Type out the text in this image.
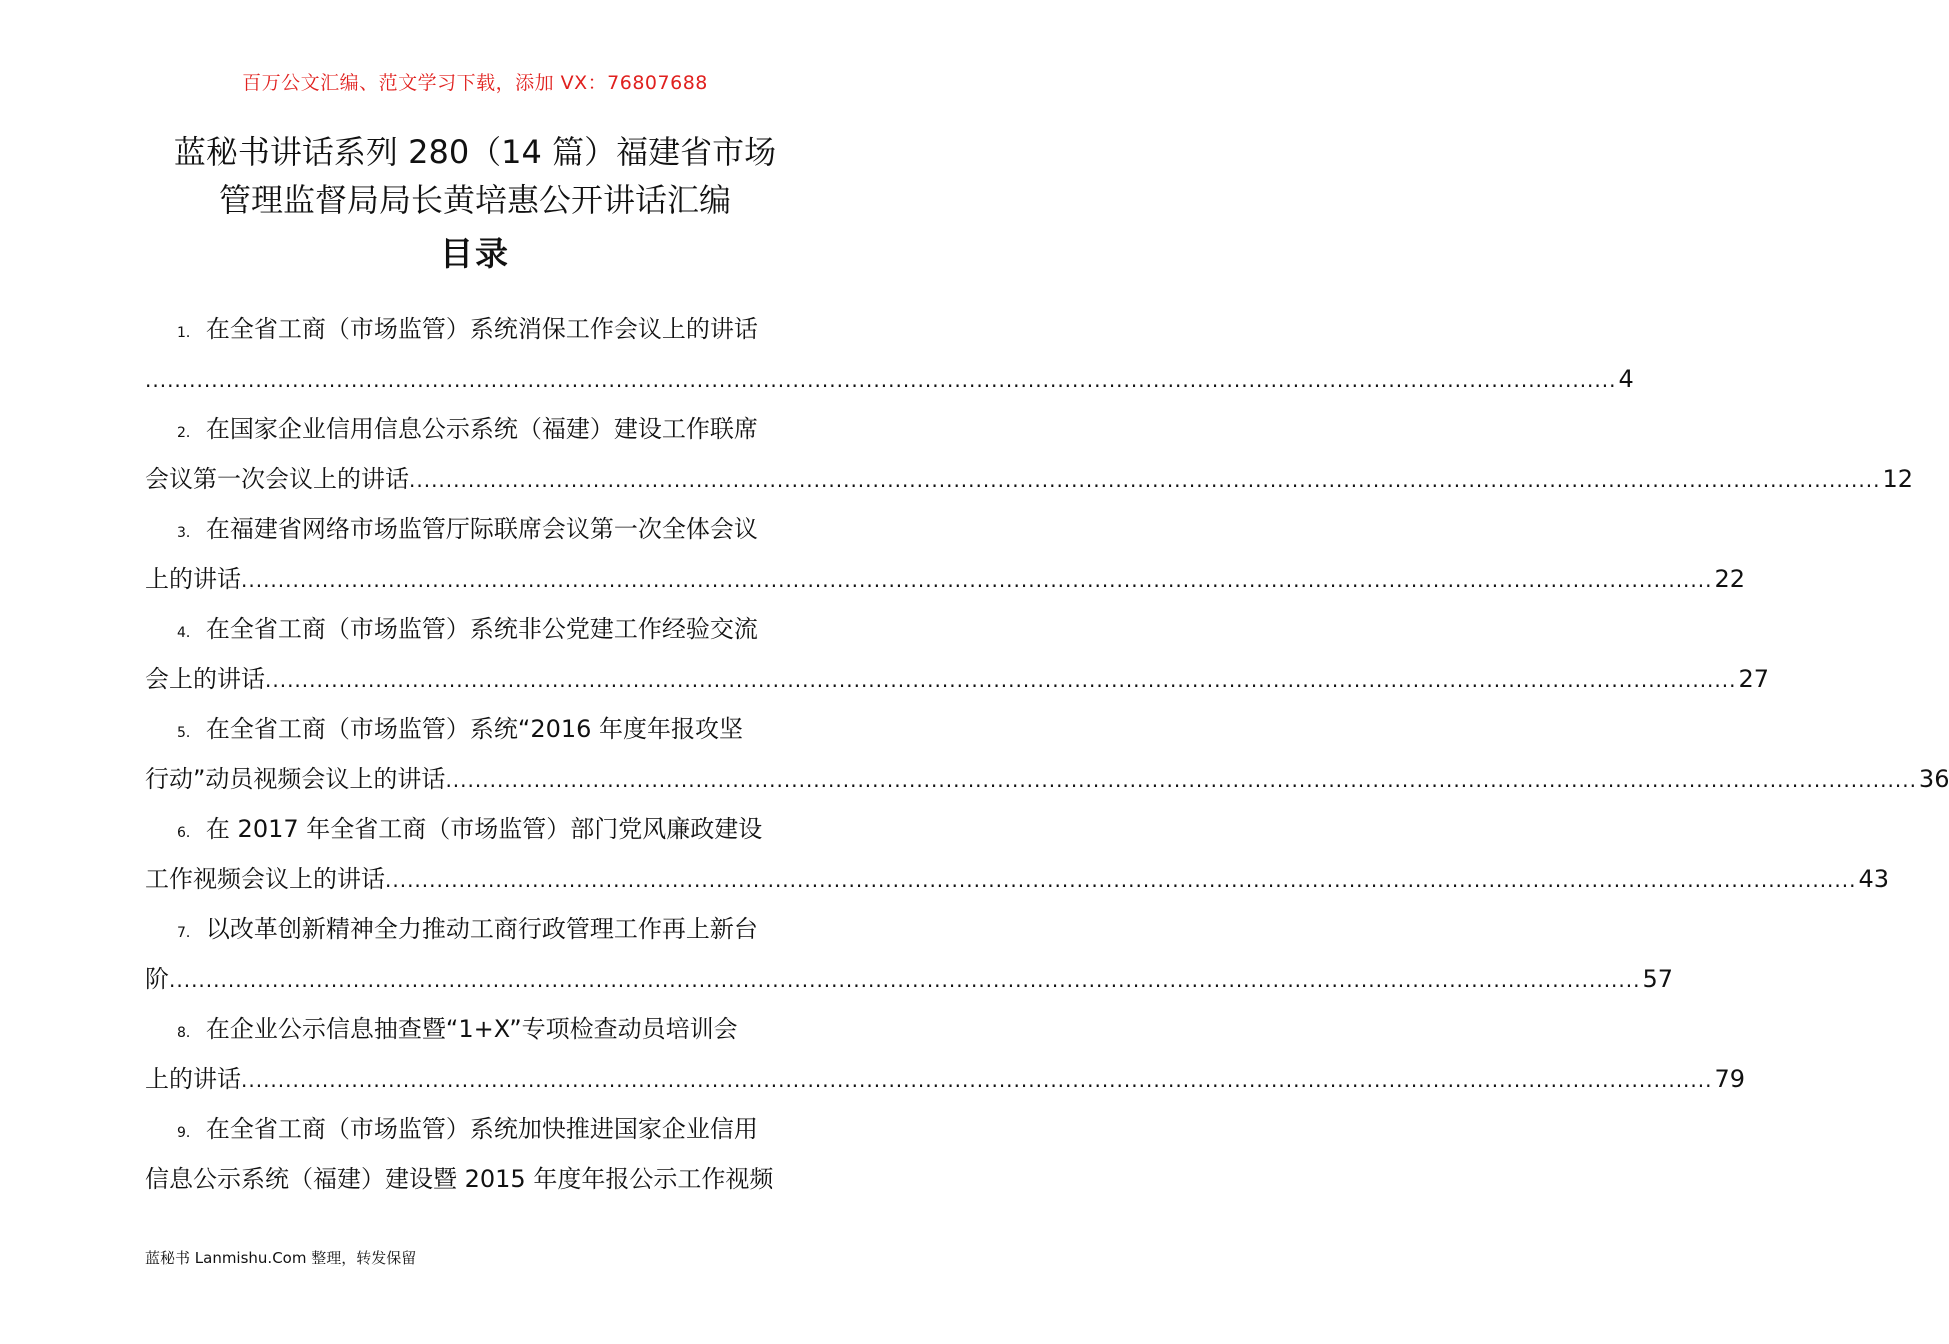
百万公文汇编、范文学习下载，添加 VX：76807688
蓝秘书讲话系列 280（14 篇）福建省市场
管理监督局局长黄培惠公开讲话汇编
目录
1． 在全省工商（市场监管）系统消保工作会议上的讲话
........................................................................................................................................................................................................ 4
2． 在国家企业信用信息公示系统（福建）建设工作联席
会议第一次会议上的讲话 ........................................................................................................................................................................................................ 12
3． 在福建省网络市场监管厅际联席会议第一次全体会议
上的讲话 ........................................................................................................................................................................................................ 22
4． 在全省工商（市场监管）系统非公党建工作经验交流
会上的讲话 ........................................................................................................................................................................................................ 27
5． 在全省工商（市场监管）系统“2016 年度年报攻坚
行动”动员视频会议上的讲话 ........................................................................................................................................................................................................ 36
6． 在 2017 年全省工商（市场监管）部门党风廉政建设
工作视频会议上的讲话 ........................................................................................................................................................................................................ 43
7． 以改革创新精神全力推动工商行政管理工作再上新台
阶 ........................................................................................................................................................................................................ 57
8． 在企业公示信息抽查暨“1+X”专项检查动员培训会
上的讲话 ........................................................................................................................................................................................................ 79
9． 在全省工商（市场监管）系统加快推进国家企业信用
信息公示系统（福建）建设暨 2015 年度年报公示工作视频
蓝秘书 Lanmishu.Com 整理，转发保留
